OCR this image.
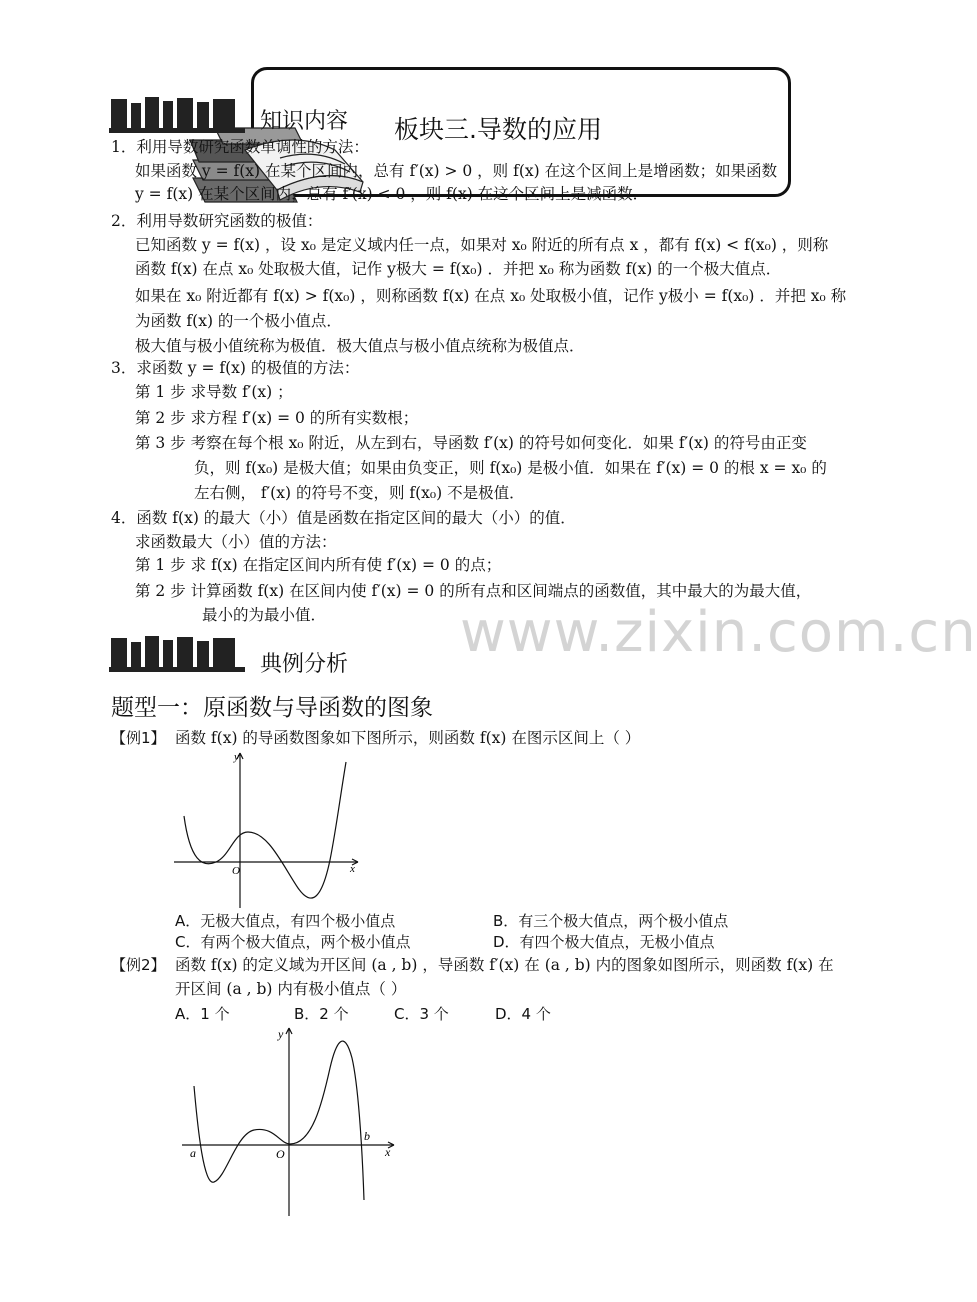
板块三.导数的应用
知识内容
1．利用导数研究函数单调性的方法：
如果函数 y = f(x) 在某个区间内，总有 f′(x) > 0 ，则 f(x) 在这个区间上是增函数；如果函数
y = f(x) 在某个区间内，总有 f′(x) < 0 ，则 f(x) 在这个区间上是减函数．
2．利用导数研究函数的极值：
已知函数 y = f(x) ，设 x₀ 是定义域内任一点，如果对 x₀ 附近的所有点 x ，都有 f(x) < f(x₀) ，则称
函数 f(x) 在点 x₀ 处取极大值，记作 y极大 = f(x₀) ．并把 x₀ 称为函数 f(x) 的一个极大值点．
如果在 x₀ 附近都有 f(x) > f(x₀) ，则称函数 f(x) 在点 x₀ 处取极小值，记作 y极小 = f(x₀) ．并把 x₀ 称
为函数 f(x) 的一个极小值点．
极大值与极小值统称为极值．极大值点与极小值点统称为极值点．
3．求函数 y = f(x) 的极值的方法：
第 1 步 求导数 f′(x) ；
第 2 步 求方程 f′(x) = 0 的所有实数根；
第 3 步 考察在每个根 x₀ 附近，从左到右，导函数 f′(x) 的符号如何变化．如果 f′(x) 的符号由正变
负，则 f(x₀) 是极大值；如果由负变正，则 f(x₀) 是极小值．如果在 f′(x) = 0 的根 x = x₀ 的
左右侧， f′(x) 的符号不变，则 f(x₀) 不是极值．
4．函数 f(x) 的最大（小）值是函数在指定区间的最大（小）的值．
求函数最大（小）值的方法：
第 1 步 求 f(x) 在指定区间内所有使 f′(x) = 0 的点；
第 2 步 计算函数 f(x) 在区间内使 f′(x) = 0 的所有点和区间端点的函数值，其中最大的为最大值，
最小的为最小值． www.zixin.com.cn
典例分析
题型一：原函数与导函数的图象
【例1】 函数 f(x) 的导函数图象如下图所示，则函数 f(x) 在图示区间上（ ）
y
x
O
A．无极大值点，有四个极小值点	B．有三个极大值点，两个极小值点
C．有两个极大值点，两个极小值点	D．有四个极大值点，无极小值点
【例2】 函数 f(x) 的定义域为开区间 (a , b) ，导函数 f′(x) 在 (a , b) 内的图象如图所示，则函数 f(x) 在
开区间 (a , b) 内有极小值点（ ）
A．1 个	B．2 个	C．3 个	D．4 个
y
x
O
a
b
